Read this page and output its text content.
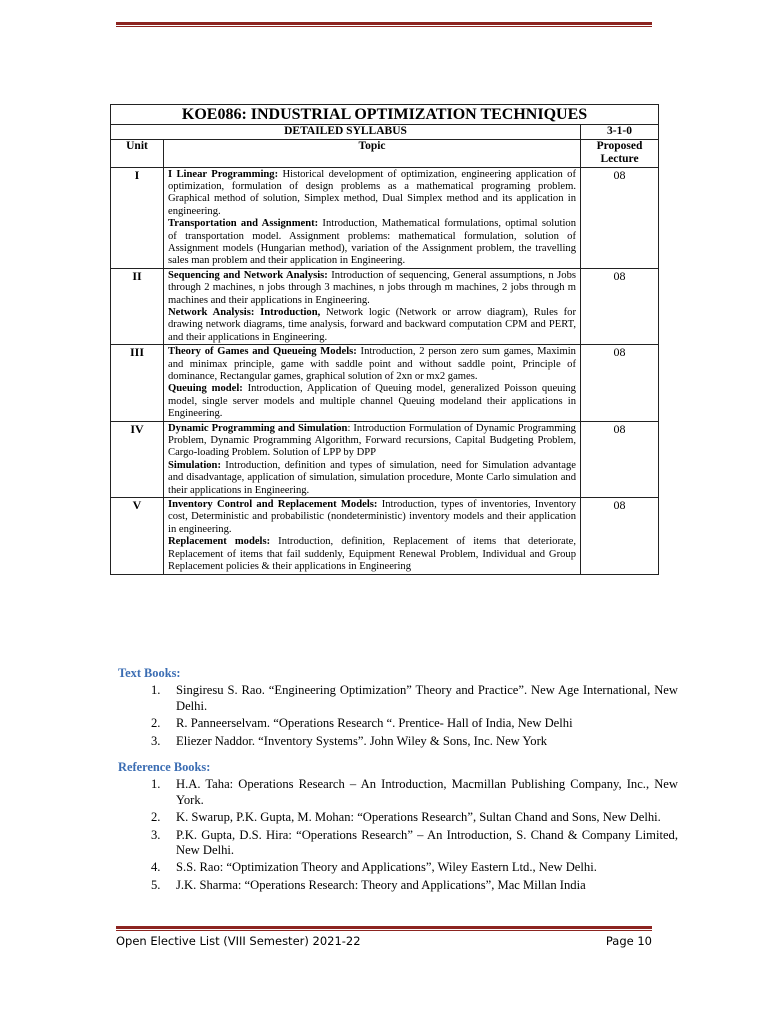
KOE086: INDUSTRIAL OPTIMIZATION TECHNIQUES		
DETAILED SYLLABUS		3-1-0
Unit	Topic	Proposed Lecture
I	I Linear Programming: Historical development of optimization, engineering application of optimization, formulation of design problems as a mathematical programing problem. Graphical method of solution, Simplex method, Dual Simplex method and its application in engineering.

Transportation and Assignment: Introduction, Mathematical formulations, optimal solution of transportation model. Assignment problems: mathematical formulation, solution of Assignment models (Hungarian method), variation of the Assignment problem, the travelling sales man problem and their application in Engineering.	08
II	Sequencing and Network Analysis: Introduction of sequencing, General assumptions, n Jobs through 2 machines, n jobs through 3 machines, n jobs through m machines, 2 jobs through m machines and their applications in Engineering.

Network Analysis: Introduction, Network logic (Network or arrow diagram), Rules for drawing network diagrams, time analysis, forward and backward computation CPM and PERT, and their applications in Engineering.	08
III	Theory of Games and Queueing Models: Introduction, 2 person zero sum games, Maximin and minimax principle, game with saddle point and without saddle point, Principle of dominance, Rectangular games, graphical solution of 2xn or mx2 games.

Queuing model: Introduction, Application of Queuing model, generalized Poisson queuing model, single server models and multiple channel Queuing modeland their applications in Engineering.	08
IV	Dynamic Programming and Simulation: Introduction Formulation of Dynamic Programming Problem, Dynamic Programming Algorithm, Forward recursions, Capital Budgeting Problem, Cargo-loading Problem. Solution of LPP by DPP

Simulation: Introduction, definition and types of simulation, need for Simulation advantage and disadvantage, application of simulation, simulation procedure, Monte Carlo simulation and their applications in Engineering.	08
V	Inventory Control and Replacement Models: Introduction, types of inventories, Inventory cost, Deterministic and probabilistic (nondeterministic) inventory models and their application in engineering.

Replacement models: Introduction, definition, Replacement of items that deteriorate, Replacement of items that fail suddenly, Equipment Renewal Problem, Individual and Group Replacement policies & their applications in Engineering	08
Text Books:
1. Singiresu S. Rao. “Engineering Optimization” Theory and Practice”. New Age International, New Delhi.
2. R. Panneerselvam. “Operations Research “. Prentice- Hall of India, New Delhi
3. Eliezer Naddor. “Inventory Systems”. John Wiley & Sons, Inc. New York
Reference Books:
1. H.A. Taha: Operations Research – An Introduction, Macmillan Publishing Company, Inc., New York.
2. K. Swarup, P.K. Gupta, M. Mohan: “Operations Research”, Sultan Chand and Sons, New Delhi.
3. P.K. Gupta, D.S. Hira: “Operations Research” – An Introduction, S. Chand & Company Limited, New Delhi.
4. S.S. Rao: “Optimization Theory and Applications”, Wiley Eastern Ltd., New Delhi.
5. J.K. Sharma: “Operations Research: Theory and Applications”, Mac Millan India
Open Elective List (VIII Semester) 2021-22	Page 10
